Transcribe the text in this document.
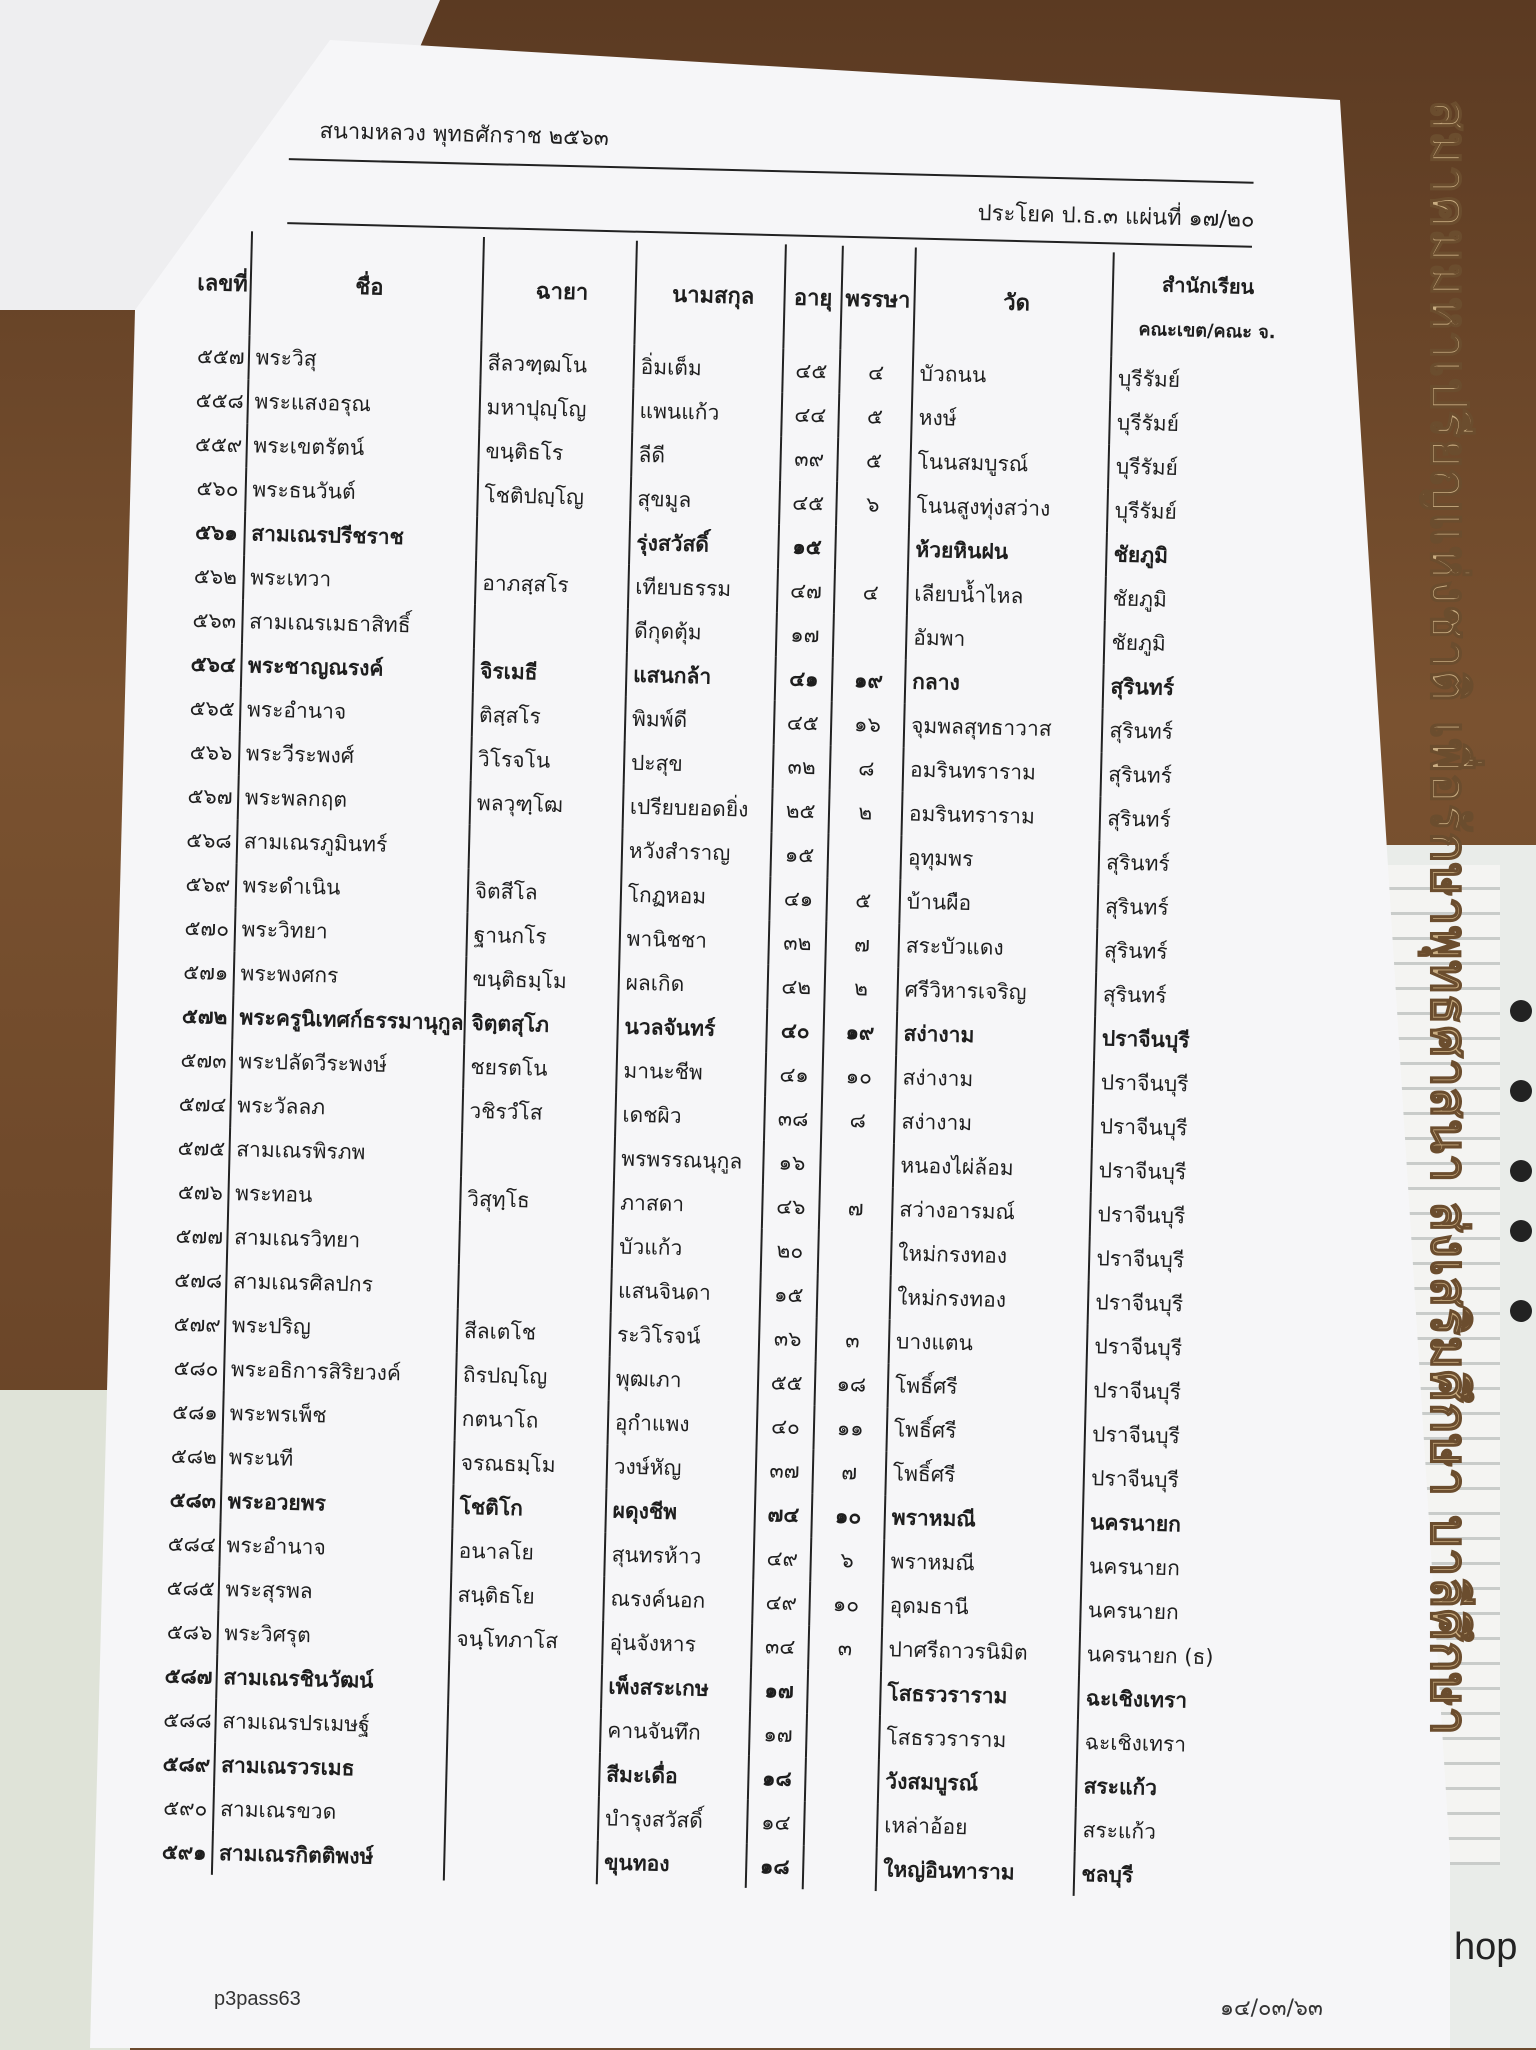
hop
สนามหลวง พุทธศักราช ๒๕๖๓
ประโยค ป.ธ.๓ แผ่นที่ ๑๗/๒๐
เลขที่	ชื่อ	ฉายา	นามสกุล	อายุ	พรรษา	วัด	สำนักเรียน
คณะเขต/คณะ จ.

๕๕๗	พระวิสุ	สีลวฑฺฒโน	อิ่มเต็ม	๔๕	๔	บัวถนน	บุรีรัมย์
๕๕๘	พระแสงอรุณ	มหาปุญฺโญ	แพนแก้ว	๔๔	๕	หงษ์	บุรีรัมย์
๕๕๙	พระเขตรัตน์	ขนฺติธโร	ลีดี	๓๙	๕	โนนสมบูรณ์	บุรีรัมย์
๕๖๐	พระธนวันต์	โชติปญฺโญ	สุขมูล	๔๕	๖	โนนสูงทุ่งสว่าง	บุรีรัมย์
๕๖๑	สามเณรปรีชราช		รุ่งสวัสดิ์	๑๕		ห้วยหินฝน	ชัยภูมิ
๕๖๒	พระเทวา	อาภสฺสโร	เทียบธรรม	๔๗	๔	เลียบน้ำไหล	ชัยภูมิ
๕๖๓	สามเณรเมธาสิทธิ์		ดีกุดตุ้ม	๑๗		อัมพา	ชัยภูมิ
๕๖๔	พระชาญณรงค์	จิรเมธี	แสนกล้า	๔๑	๑๙	กลาง	สุรินทร์
๕๖๕	พระอำนาจ	ติสฺสโร	พิมพ์ดี	๔๕	๑๖	จุมพลสุทธาวาส	สุรินทร์
๕๖๖	พระวีระพงศ์	วิโรจโน	ปะสุข	๓๒	๘	อมรินทราราม	สุรินทร์
๕๖๗	พระพลกฤต	พลวุฑฺโฒ	เปรียบยอดยิ่ง	๒๕	๒	อมรินทราราม	สุรินทร์
๕๖๘	สามเณรภูมินทร์		หวังสำราญ	๑๕		อุทุมพร	สุรินทร์
๕๖๙	พระดำเนิน	จิตสีโล	โกฏหอม	๔๑	๕	บ้านผือ	สุรินทร์
๕๗๐	พระวิทยา	ฐานกโร	พานิชชา	๓๒	๗	สระบัวแดง	สุรินทร์
๕๗๑	พระพงศกร	ขนฺติธมฺโม	ผลเกิด	๔๒	๒	ศรีวิหารเจริญ	สุรินทร์
๕๗๒	พระครูนิเทศก์ธรรมานุกูล	จิตฺตสุโภ	นวลจันทร์	๔๐	๑๙	สง่างาม	ปราจีนบุรี
๕๗๓	พระปลัดวีระพงษ์	ชยรตโน	มานะชีพ	๔๑	๑๐	สง่างาม	ปราจีนบุรี
๕๗๔	พระวัลลภ	วชิรวํโส	เดชผิว	๓๘	๘	สง่างาม	ปราจีนบุรี
๕๗๕	สามเณรพิรภพ		พรพรรณนุกูล	๑๖		หนองไผ่ล้อม	ปราจีนบุรี
๕๗๖	พระทอน	วิสุทฺโธ	ภาสดา	๔๖	๗	สว่างอารมณ์	ปราจีนบุรี
๕๗๗	สามเณรวิทยา		บัวแก้ว	๒๐		ใหม่กรงทอง	ปราจีนบุรี
๕๗๘	สามเณรศิลปกร		แสนจินดา	๑๕		ใหม่กรงทอง	ปราจีนบุรี
๕๗๙	พระปริญ	สีลเตโช	ระวิโรจน์	๓๖	๓	บางแตน	ปราจีนบุรี
๕๘๐	พระอธิการสิริยวงค์	ถิรปญฺโญ	พุฒเภา	๕๕	๑๘	โพธิ์ศรี	ปราจีนบุรี
๕๘๑	พระพรเพ็ช	กตนาโถ	อุกำแพง	๔๐	๑๑	โพธิ์ศรี	ปราจีนบุรี
๕๘๒	พระนที	จรณธมฺโม	วงษ์หัญ	๓๗	๗	โพธิ์ศรี	ปราจีนบุรี
๕๘๓	พระอวยพร	โชติโก	ผดุงชีพ	๗๔	๑๐	พราหมณี	นครนายก
๕๘๔	พระอำนาจ	อนาลโย	สุนทรห้าว	๔๙	๖	พราหมณี	นครนายก
๕๘๕	พระสุรพล	สนฺติธโย	ณรงค์นอก	๔๙	๑๐	อุดมธานี	นครนายก
๕๘๖	พระวิศรุต	จนฺโทภาโส	อุ่นจังหาร	๓๔	๓	ปาศรีถาวรนิมิต	นครนายก (ธ)
๕๘๗	สามเณรชินวัฒน์		เพ็งสระเกษ	๑๗		โสธรวราราม	ฉะเชิงเทรา
๕๘๘	สามเณรปรเมษฐ์		คานจันทึก	๑๗		โสธรวราราม	ฉะเชิงเทรา
๕๘๙	สามเณรวรเมธ		สีมะเดื่อ	๑๘		วังสมบูรณ์	สระแก้ว
๕๙๐	สามเณรขวด		บำรุงสวัสดิ์	๑๔		เหล่าอ้อย	สระแก้ว
๕๙๑	สามเณรกิตติพงษ์		ขุนทอง	๑๘		ใหญ่อินทาราม	ชลบุรี
p3pass63	๑๔/๐๓/๖๓
สมาคมมหาเปรียญแห่งชาติ เพื่อรักษาพุทธศาสนา ส่งเสริมศึกษา บาลีศึกษา
